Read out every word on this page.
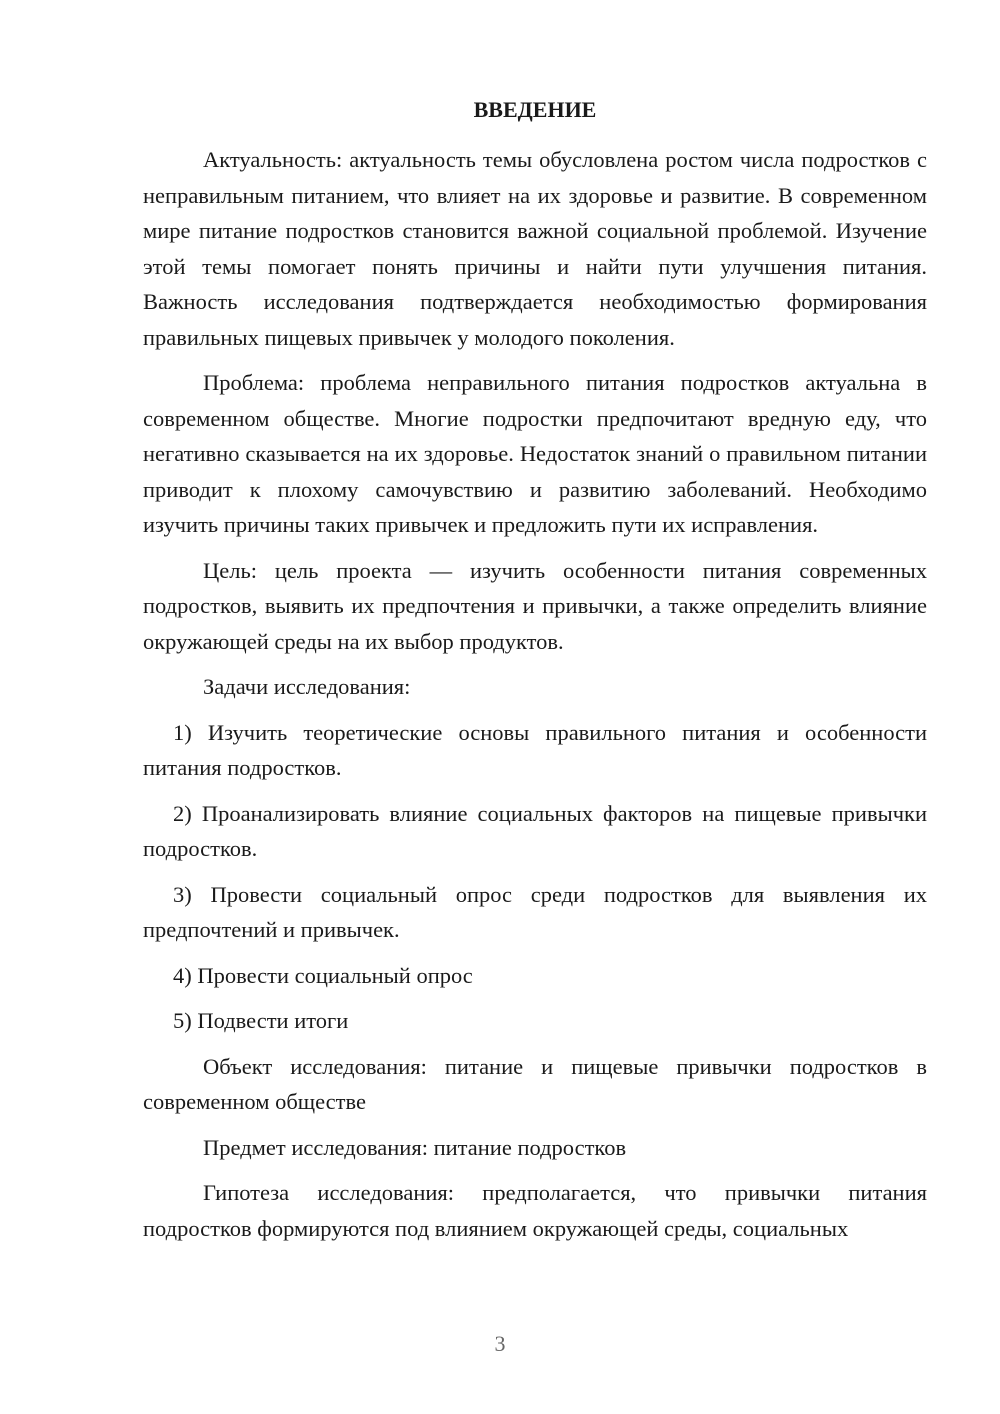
ВВЕДЕНИЕ
Актуальность: актуальность темы обусловлена ростом числа подростков с неправильным питанием, что влияет на их здоровье и развитие. В современном мире питание подростков становится важной социальной проблемой. Изучение этой темы помогает понять причины и найти пути улучшения питания. Важность исследования подтверждается необходимостью формирования правильных пищевых привычек у молодого поколения.
Проблема: проблема неправильного питания подростков актуальна в современном обществе. Многие подростки предпочитают вредную еду, что негативно сказывается на их здоровье. Недостаток знаний о правильном питании приводит к плохому самочувствию и развитию заболеваний. Необходимо изучить причины таких привычек и предложить пути их исправления.
Цель: цель проекта — изучить особенности питания современных подростков, выявить их предпочтения и привычки, а также определить влияние окружающей среды на их выбор продуктов.
Задачи исследования:
1) Изучить теоретические основы правильного питания и особенности питания подростков.
2) Проанализировать влияние социальных факторов на пищевые привычки подростков.
3) Провести социальный опрос среди подростков для выявления их предпочтений и привычек.
4) Провести социальный опрос
5) Подвести итоги
Объект исследования: питание и пищевые привычки подростков в современном обществе
Предмет исследования: питание подростков
Гипотеза исследования: предполагается, что привычки питания подростков формируются под влиянием окружающей среды, социальных
3
